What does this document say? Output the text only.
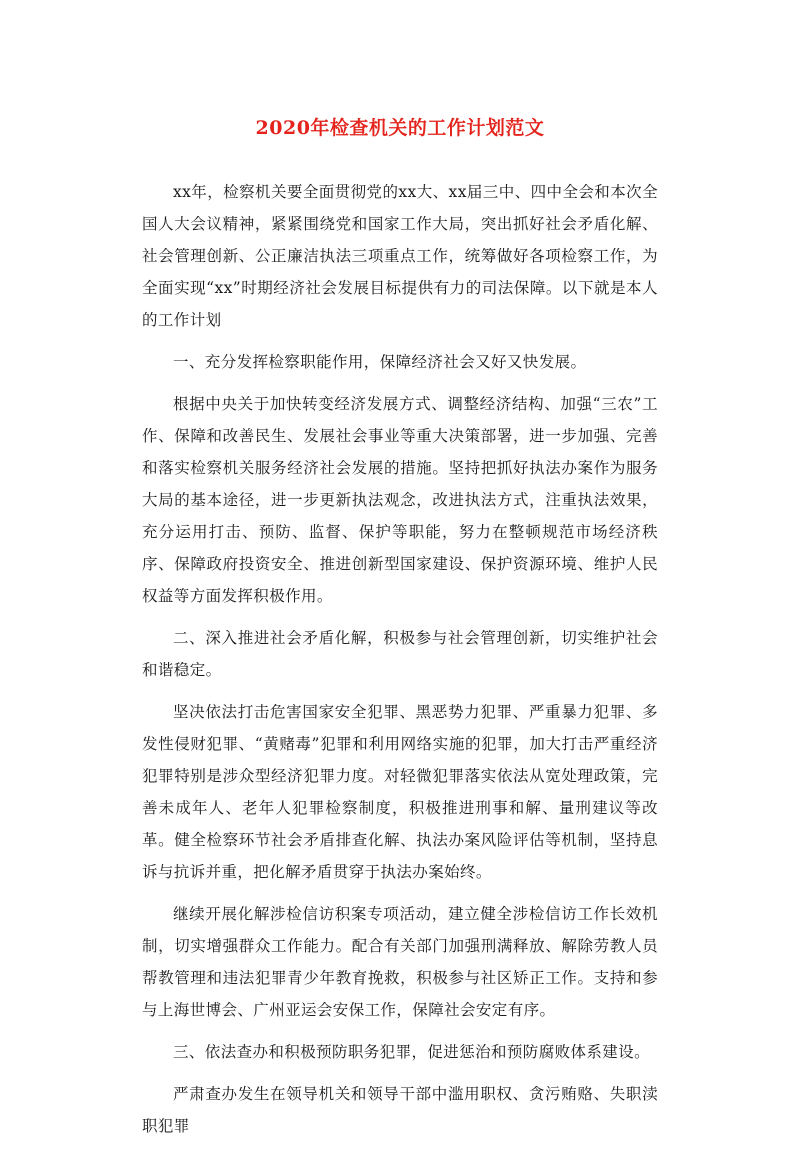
2020年检查机关的工作计划范文

xx年，检察机关要全面贯彻党的xx大、xx届三中、四中全会和本次全国人大会议精神，紧紧围绕党和国家工作大局，突出抓好社会矛盾化解、社会管理创新、公正廉洁执法三项重点工作，统筹做好各项检察工作，为全面实现“xx”时期经济社会发展目标提供有力的司法保障。以下就是本人的工作计划

一、充分发挥检察职能作用，保障经济社会又好又快发展。

根据中央关于加快转变经济发展方式、调整经济结构、加强“三农”工作、保障和改善民生、发展社会事业等重大决策部署，进一步加强、完善和落实检察机关服务经济社会发展的措施。坚持把抓好执法办案作为服务大局的基本途径，进一步更新执法观念，改进执法方式，注重执法效果，充分运用打击、预防、监督、保护等职能，努力在整顿规范市场经济秩序、保障政府投资安全、推进创新型国家建设、保护资源环境、维护人民权益等方面发挥积极作用。

二、深入推进社会矛盾化解，积极参与社会管理创新，切实维护社会和谐稳定。

坚决依法打击危害国家安全犯罪、黑恶势力犯罪、严重暴力犯罪、多发性侵财犯罪、“黄赌毒”犯罪和利用网络实施的犯罪，加大打击严重经济犯罪特别是涉众型经济犯罪力度。对轻微犯罪落实依法从宽处理政策，完善未成年人、老年人犯罪检察制度，积极推进刑事和解、量刑建议等改革。健全检察环节社会矛盾排查化解、执法办案风险评估等机制，坚持息诉与抗诉并重，把化解矛盾贯穿于执法办案始终。

继续开展化解涉检信访积案专项活动，建立健全涉检信访工作长效机制，切实增强群众工作能力。配合有关部门加强刑满释放、解除劳教人员帮教管理和违法犯罪青少年教育挽救，积极参与社区矫正工作。支持和参与上海世博会、广州亚运会安保工作，保障社会安定有序。

三、依法查办和积极预防职务犯罪，促进惩治和预防腐败体系建设。

严肃查办发生在领导机关和领导干部中滥用职权、贪污贿赂、失职渎职犯罪
